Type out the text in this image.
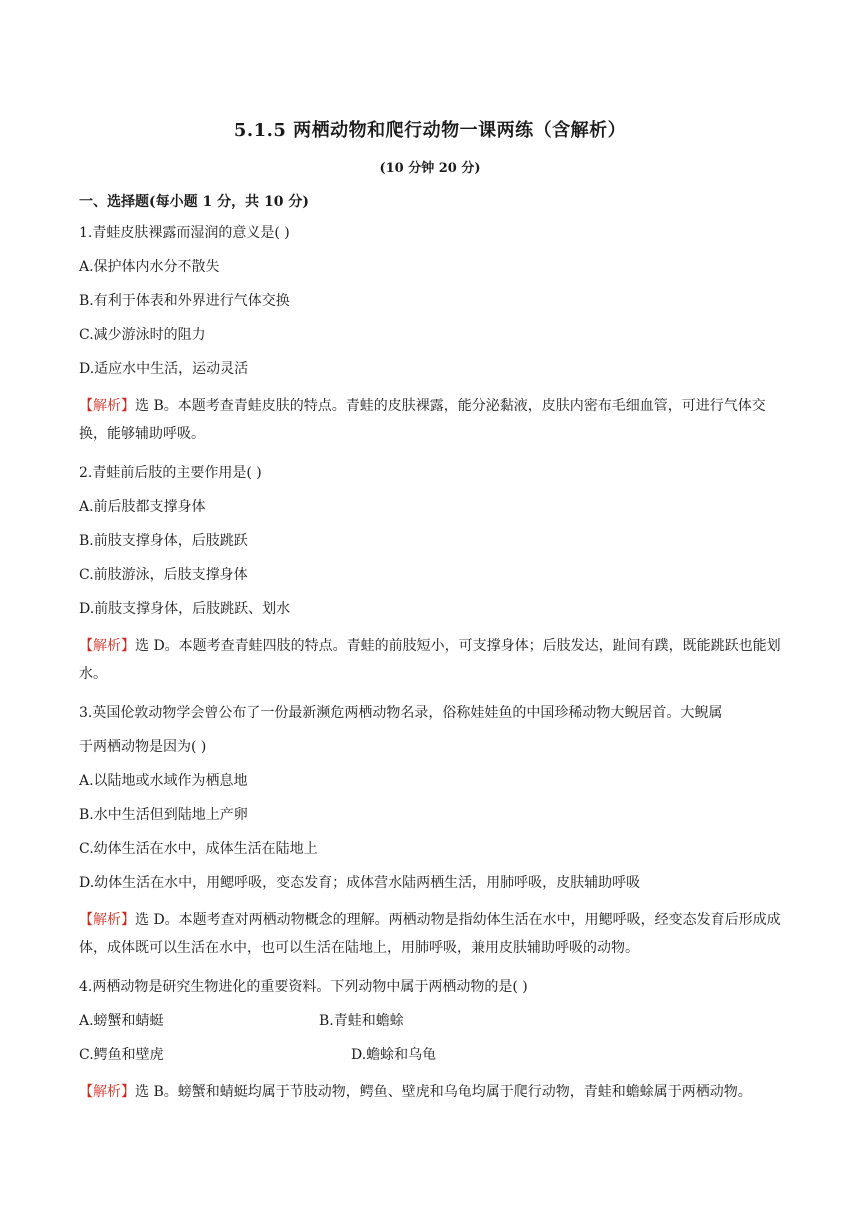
5.1.5 两栖动物和爬行动物一课两练（含解析）
(10 分钟 20 分)
一、选择题(每小题 1 分，共 10 分)
1.青蛙皮肤裸露而湿润的意义是( )
A.保护体内水分不散失
B.有利于体表和外界进行气体交换
C.减少游泳时的阻力
D.适应水中生活，运动灵活
【解析】选 B。本题考查青蛙皮肤的特点。青蛙的皮肤裸露，能分泌黏液，皮肤内密布毛细血管，可进行气体交换，能够辅助呼吸。
2.青蛙前后肢的主要作用是( )
A.前后肢都支撑身体
B.前肢支撑身体，后肢跳跃
C.前肢游泳，后肢支撑身体
D.前肢支撑身体，后肢跳跃、划水
【解析】选 D。本题考查青蛙四肢的特点。青蛙的前肢短小，可支撑身体；后肢发达，趾间有蹼，既能跳跃也能划水。
3.英国伦敦动物学会曾公布了一份最新濒危两栖动物名录，俗称娃娃鱼的中国珍稀动物大鲵居首。大鲵属
于两栖动物是因为( )
A.以陆地或水域作为栖息地
B.水中生活但到陆地上产卵
C.幼体生活在水中，成体生活在陆地上
D.幼体生活在水中，用鳃呼吸，变态发育；成体营水陆两栖生活，用肺呼吸，皮肤辅助呼吸
【解析】选 D。本题考查对两栖动物概念的理解。两栖动物是指幼体生活在水中，用鳃呼吸，经变态发育后形成成体，成体既可以生活在水中，也可以生活在陆地上，用肺呼吸，兼用皮肤辅助呼吸的动物。
4.两栖动物是研究生物进化的重要资料。下列动物中属于两栖动物的是( )
A.螃蟹和蜻蜓	B.青蛙和蟾蜍
C.鳄鱼和壁虎	D.蟾蜍和乌龟
【解析】选 B。螃蟹和蜻蜓均属于节肢动物，鳄鱼、壁虎和乌龟均属于爬行动物，青蛙和蟾蜍属于两栖动物。
